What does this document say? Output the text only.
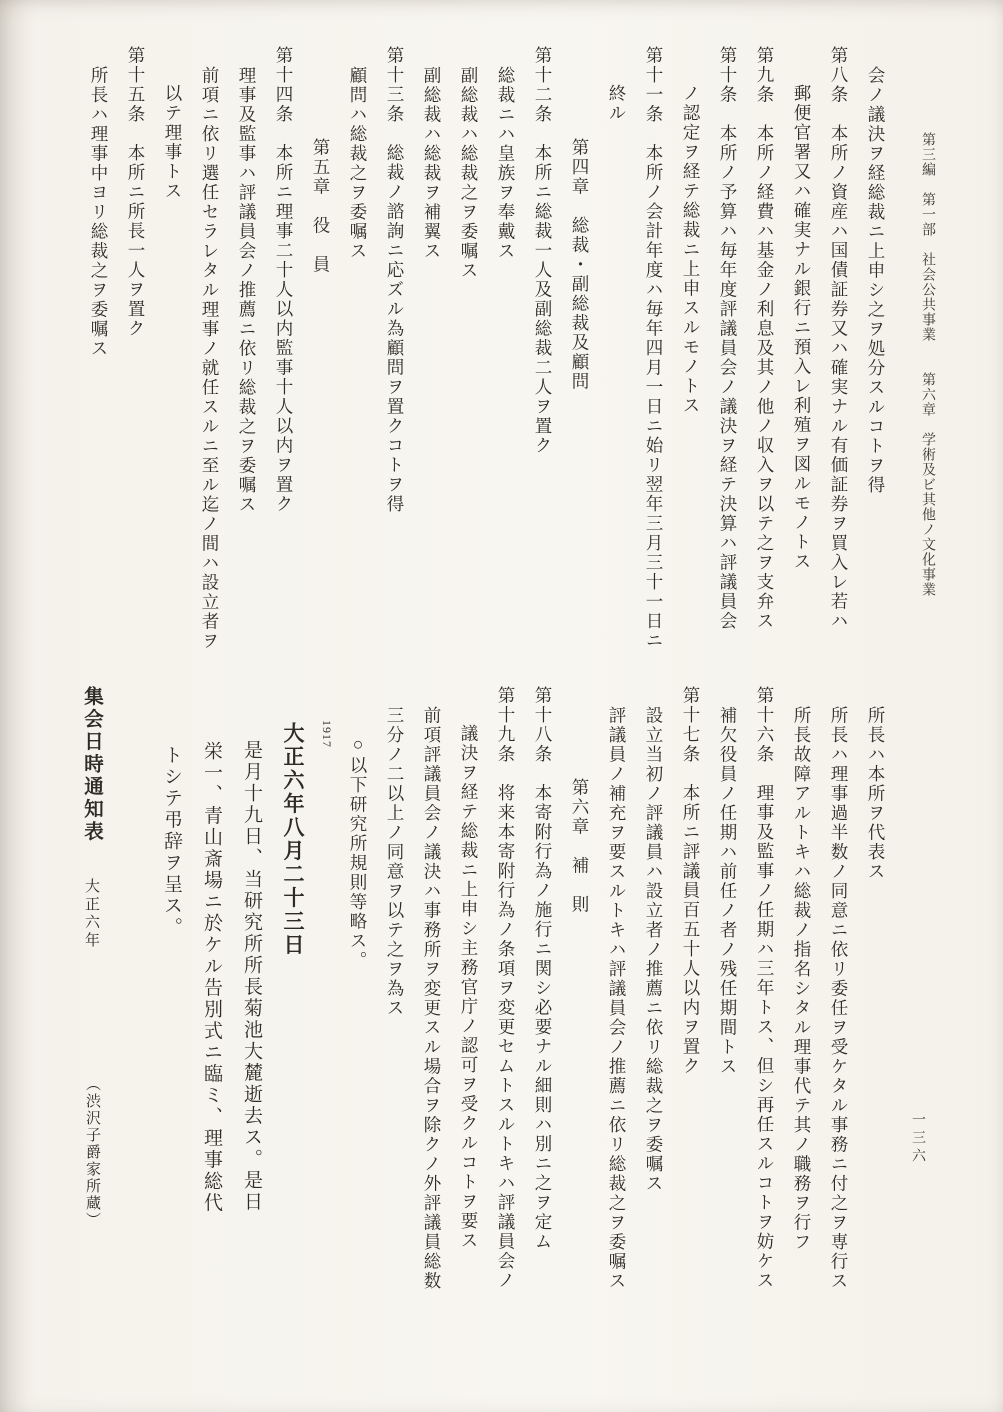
第三編　第一部　社会公共事業　　第六章　学術及ビ其他ノ文化事業
一三六
会ノ議決ヲ経総裁ニ上申シ之ヲ処分スルコトヲ得
第八条　本所ノ資産ハ国債証券又ハ確実ナル有価証券ヲ買入レ若ハ
郵便官署又ハ確実ナル銀行ニ預入レ利殖ヲ図ルモノトス
第九条　本所ノ経費ハ基金ノ利息及其ノ他ノ収入ヲ以テ之ヲ支弁ス
第十条　本所ノ予算ハ毎年度評議員会ノ議決ヲ経テ決算ハ評議員会
ノ認定ヲ経テ総裁ニ上申スルモノトス
第十一条　本所ノ会計年度ハ毎年四月一日ニ始リ翌年三月三十一日ニ
終ル
第四章　総裁・副総裁及顧問
第十二条　本所ニ総裁一人及副総裁二人ヲ置ク
総裁ニハ皇族ヲ奉戴ス
副総裁ハ総裁之ヲ委嘱ス
副総裁ハ総裁ヲ補翼ス
第十三条　総裁ノ諮詢ニ応ズル為顧問ヲ置クコトヲ得
顧問ハ総裁之ヲ委嘱ス
第五章　役　員
第十四条　本所ニ理事二十人以内監事十人以内ヲ置ク
理事及監事ハ評議員会ノ推薦ニ依リ総裁之ヲ委嘱ス
前項ニ依リ選任セラレタル理事ノ就任スルニ至ル迄ノ間ハ設立者ヲ
以テ理事トス
第十五条　本所ニ所長一人ヲ置ク
所長ハ理事中ヨリ総裁之ヲ委嘱ス
所長ハ本所ヲ代表ス
所長ハ理事過半数ノ同意ニ依リ委任ヲ受ケタル事務ニ付之ヲ専行ス
所長故障アルトキハ総裁ノ指名シタル理事代テ其ノ職務ヲ行フ
第十六条　理事及監事ノ任期ハ三年トス、但シ再任スルコトヲ妨ケス
補欠役員ノ任期ハ前任ノ者ノ残任期間トス
第十七条　本所ニ評議員百五十人以内ヲ置ク
設立当初ノ評議員ハ設立者ノ推薦ニ依リ総裁之ヲ委嘱ス
評議員ノ補充ヲ要スルトキハ評議員会ノ推薦ニ依リ総裁之ヲ委嘱ス
第六章　補　則
第十八条　本寄附行為ノ施行ニ関シ必要ナル細則ハ別ニ之ヲ定ム
第十九条　将来本寄附行為ノ条項ヲ変更セムトスルトキハ評議員会ノ
議決ヲ経テ総裁ニ上申シ主務官庁ノ認可ヲ受クルコトヲ要ス
前項評議員会ノ議決ハ事務所ヲ変更スル場合ヲ除クノ外評議員総数
三分ノ二以上ノ同意ヲ以テ之ヲ為ス
○以下研究所規則等略ス。
1917
大正六年八月二十三日
是月十九日、当研究所所長菊池大麓逝去ス。是日
栄一、青山斎場ニ於ケル告別式ニ臨ミ、理事総代
トシテ弔辞ヲ呈ス。
集会日時通知表大正六年
（渋沢子爵家所蔵）
